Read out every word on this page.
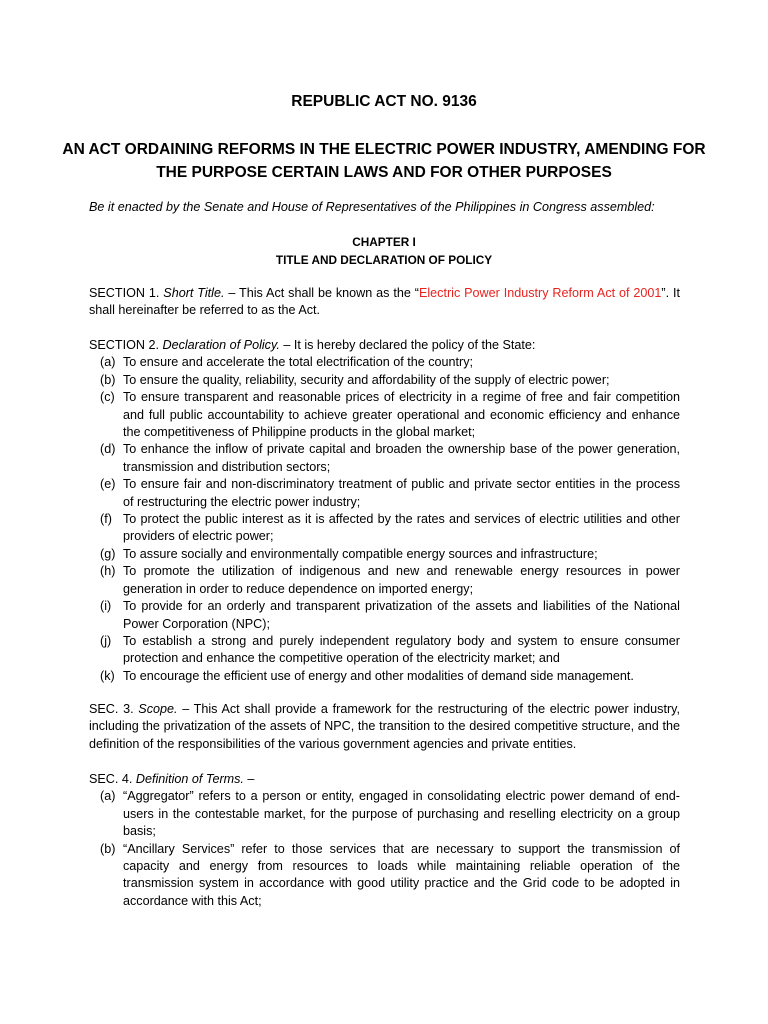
REPUBLIC ACT NO. 9136
AN ACT ORDAINING REFORMS IN THE ELECTRIC POWER INDUSTRY, AMENDING FOR THE PURPOSE CERTAIN LAWS AND FOR OTHER PURPOSES
Be it enacted by the Senate and House of Representatives of the Philippines in Congress assembled:
CHAPTER I
TITLE AND DECLARATION OF POLICY
SECTION 1. Short Title. – This Act shall be known as the “Electric Power Industry Reform Act of 2001”. It shall hereinafter be referred to as the Act.
SECTION 2. Declaration of Policy. – It is hereby declared the policy of the State:
(a) To ensure and accelerate the total electrification of the country;
(b) To ensure the quality, reliability, security and affordability of the supply of electric power;
(c) To ensure transparent and reasonable prices of electricity in a regime of free and fair competition and full public accountability to achieve greater operational and economic efficiency and enhance the competitiveness of Philippine products in the global market;
(d) To enhance the inflow of private capital and broaden the ownership base of the power generation, transmission and distribution sectors;
(e) To ensure fair and non-discriminatory treatment of public and private sector entities in the process of restructuring the electric power industry;
(f) To protect the public interest as it is affected by the rates and services of electric utilities and other providers of electric power;
(g) To assure socially and environmentally compatible energy sources and infrastructure;
(h) To promote the utilization of indigenous and new and renewable energy resources in power generation in order to reduce dependence on imported energy;
(i) To provide for an orderly and transparent privatization of the assets and liabilities of the National Power Corporation (NPC);
(j) To establish a strong and purely independent regulatory body and system to ensure consumer protection and enhance the competitive operation of the electricity market; and
(k) To encourage the efficient use of energy and other modalities of demand side management.
SEC. 3. Scope. – This Act shall provide a framework for the restructuring of the electric power industry, including the privatization of the assets of NPC, the transition to the desired competitive structure, and the definition of the responsibilities of the various government agencies and private entities.
SEC. 4. Definition of Terms. –
(a) “Aggregator” refers to a person or entity, engaged in consolidating electric power demand of end-users in the contestable market, for the purpose of purchasing and reselling electricity on a group basis;
(b) “Ancillary Services” refer to those services that are necessary to support the transmission of capacity and energy from resources to loads while maintaining reliable operation of the transmission system in accordance with good utility practice and the Grid code to be adopted in accordance with this Act;
